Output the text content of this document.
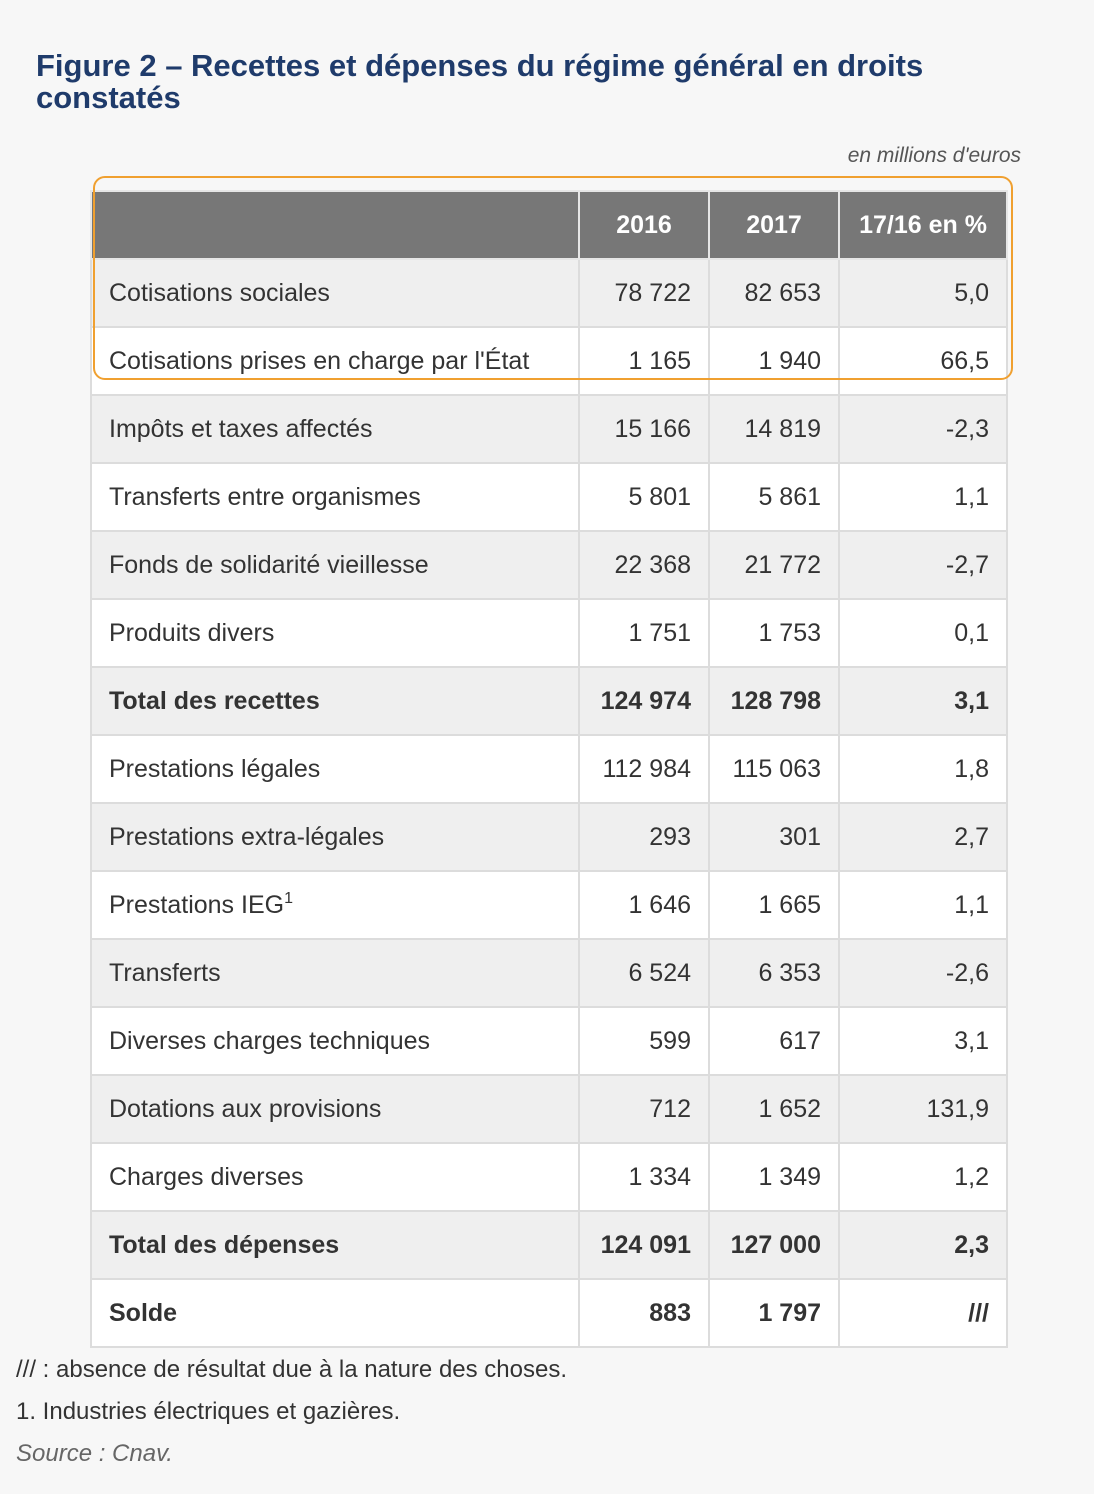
Figure 2 – Recettes et dépenses du régime général en droits constatés
en millions d'euros
	2016	2017	17/16 en %
Cotisations sociales	78 722	82 653	5,0
Cotisations prises en charge par l'État	1 165	1 940	66,5
Impôts et taxes affectés	15 166	14 819	-2,3
Transferts entre organismes	5 801	5 861	1,1
Fonds de solidarité vieillesse	22 368	21 772	-2,7
Produits divers	1 751	1 753	0,1
Total des recettes	124 974	128 798	3,1
Prestations légales	112 984	115 063	1,8
Prestations extra-légales	293	301	2,7
Prestations IEG$^1$	1 646	1 665	1,1
Transferts	6 524	6 353	-2,6
Diverses charges techniques	599	617	3,1
Dotations aux provisions	712	1 652	131,9
Charges diverses	1 334	1 349	1,2
Total des dépenses	124 091	127 000	2,3
Solde	883	1 797	///

/// : absence de résultat due à la nature des choses.

1. Industries électriques et gazières.

Source : Cnav.
